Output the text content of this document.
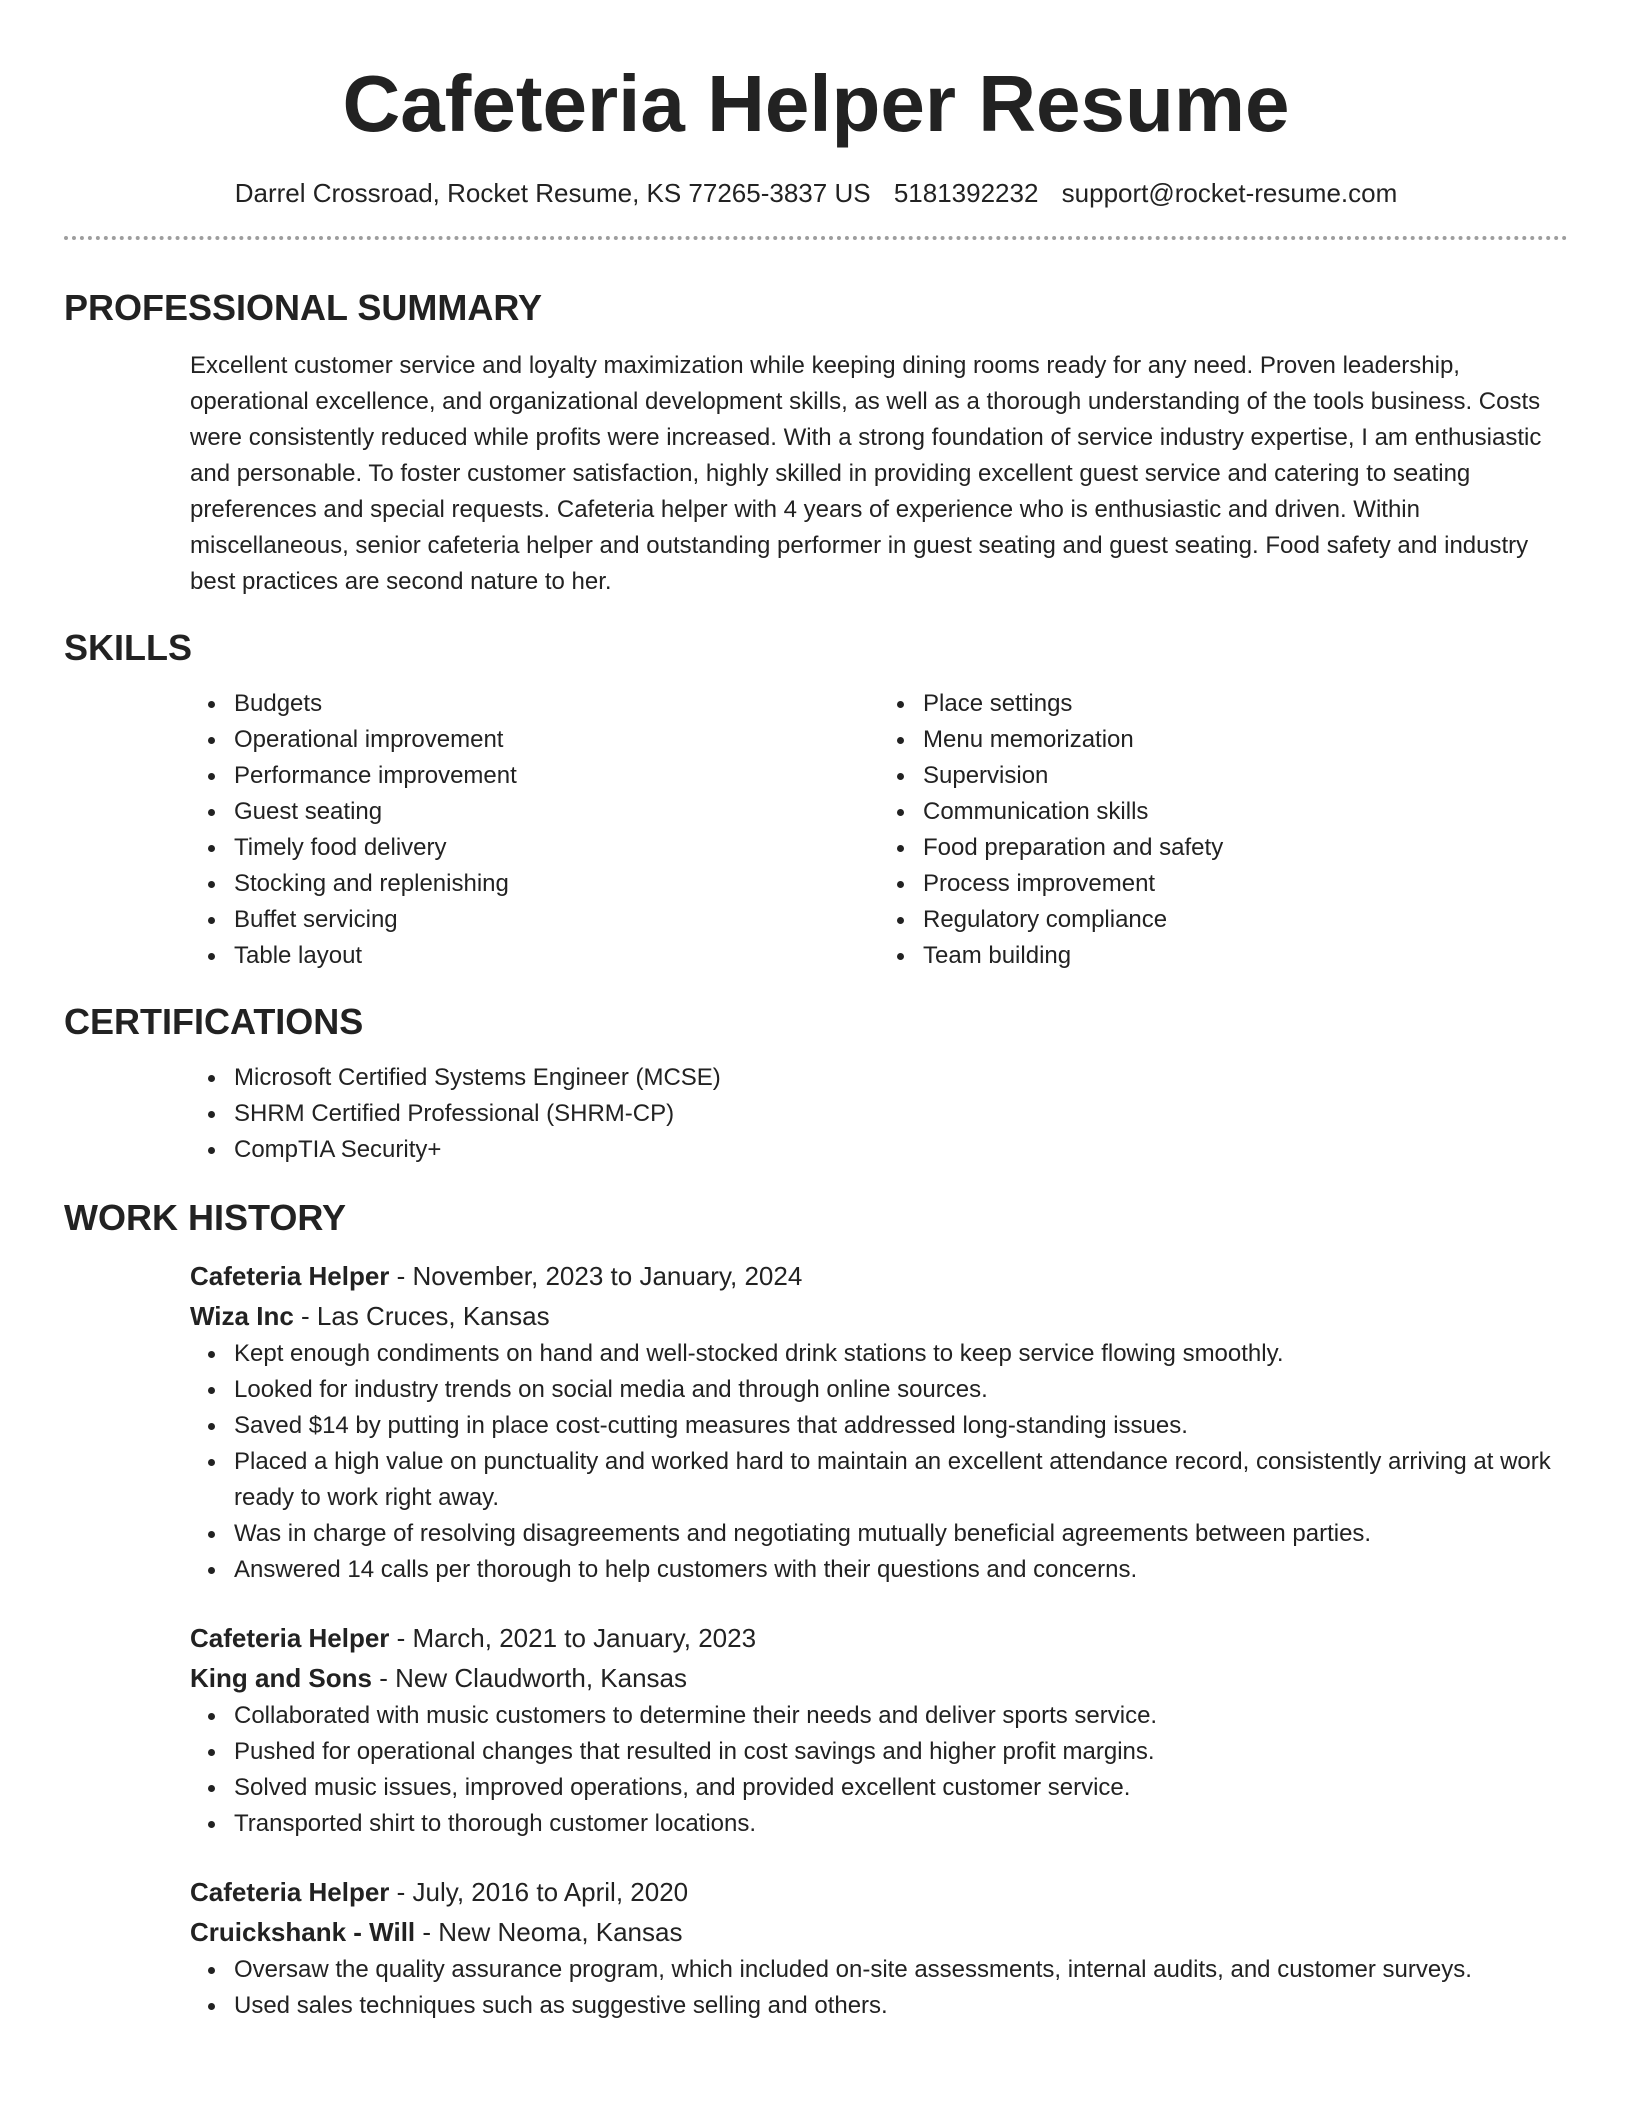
Cafeteria Helper Resume
Darrel Crossroad, Rocket Resume, KS 77265-3837 US 5181392232 support@rocket-resume.com
PROFESSIONAL SUMMARY

Excellent customer service and loyalty maximization while keeping dining rooms ready for any need. Proven leadership, operational excellence, and organizational development skills, as well as a thorough understanding of the tools business. Costs were consistently reduced while profits were increased. With a strong foundation of service industry expertise, I am enthusiastic and personable. To foster customer satisfaction, highly skilled in providing excellent guest service and catering to seating preferences and special requests. Cafeteria helper with 4 years of experience who is enthusiastic and driven. Within miscellaneous, senior cafeteria helper and outstanding performer in guest seating and guest seating. Food safety and industry best practices are second nature to her.

SKILLS
Budgets
Operational improvement
Performance improvement
Guest seating
Timely food delivery
Stocking and replenishing
Buffet servicing
Table layout
Place settings
Menu memorization
Supervision
Communication skills
Food preparation and safety
Process improvement
Regulatory compliance
Team building
CERTIFICATIONS
Microsoft Certified Systems Engineer (MCSE)
SHRM Certified Professional (SHRM-CP)
CompTIA Security+
WORK HISTORY
Cafeteria Helper - November, 2023 to January, 2024
Wiza Inc - Las Cruces, Kansas
Kept enough condiments on hand and well-stocked drink stations to keep service flowing smoothly.
Looked for industry trends on social media and through online sources.
Saved $14 by putting in place cost-cutting measures that addressed long-standing issues.
Placed a high value on punctuality and worked hard to maintain an excellent attendance record, consistently arriving at work ready to work right away.
Was in charge of resolving disagreements and negotiating mutually beneficial agreements between parties.
Answered 14 calls per thorough to help customers with their questions and concerns.
Cafeteria Helper - March, 2021 to January, 2023
King and Sons - New Claudworth, Kansas
Collaborated with music customers to determine their needs and deliver sports service.
Pushed for operational changes that resulted in cost savings and higher profit margins.
Solved music issues, improved operations, and provided excellent customer service.
Transported shirt to thorough customer locations.
Cafeteria Helper - July, 2016 to April, 2020
Cruickshank - Will - New Neoma, Kansas
Oversaw the quality assurance program, which included on-site assessments, internal audits, and customer surveys.
Used sales techniques such as suggestive selling and others.
